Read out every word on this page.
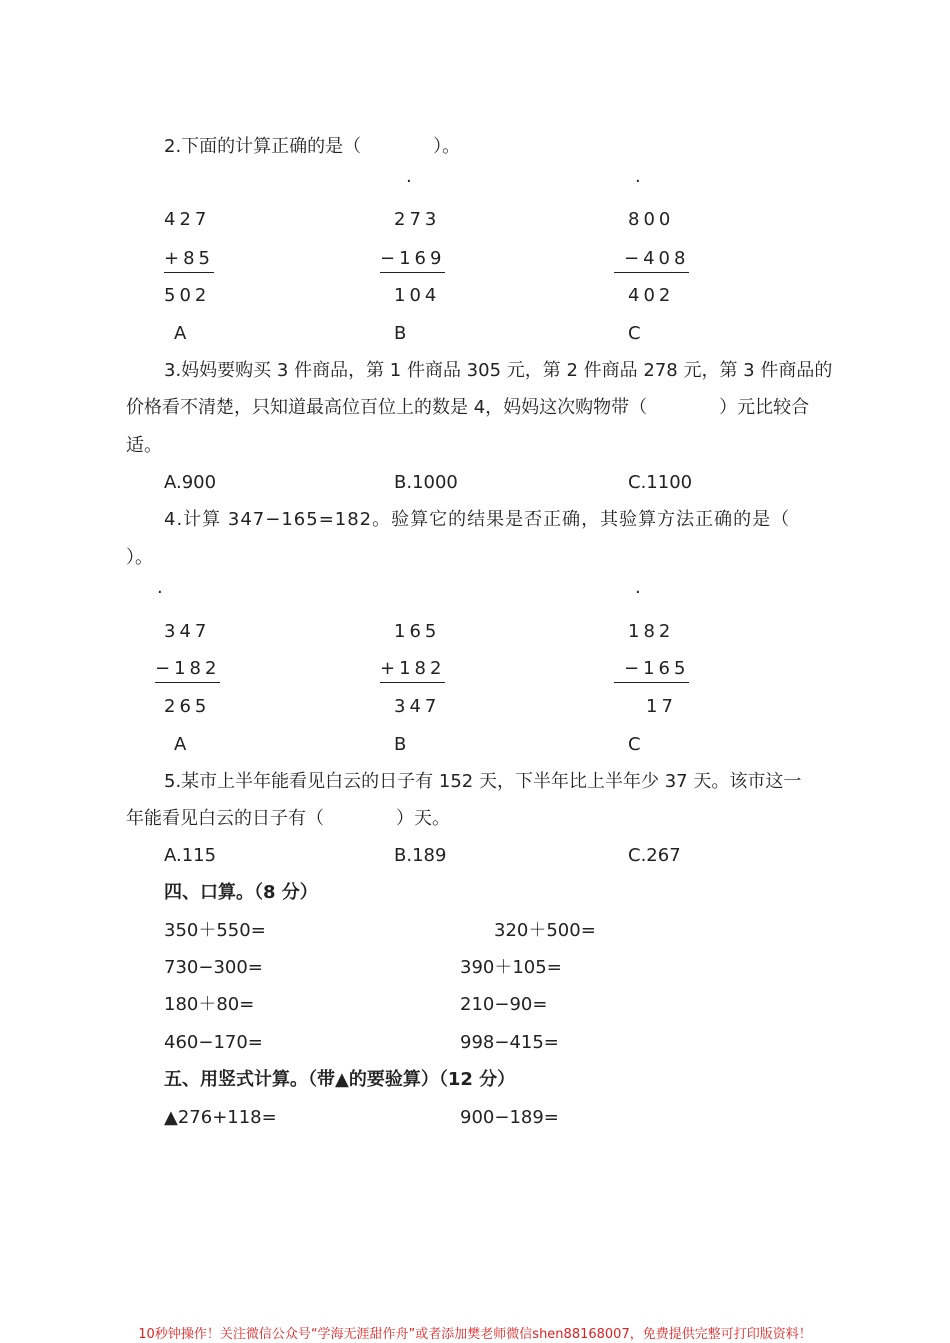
2.下面的计算正确的是（　　　　）。
·	·
427	273	800
+85	−169	−408
502	104	402
A	B	C
3.妈妈要购买 3 件商品，第 1 件商品 305 元，第 2 件商品 278 元，第 3 件商品的
价格看不清楚，只知道最高位百位上的数是 4，妈妈这次购物带（　　　　）元比较合
适。
A.900	B.1000	C.1100
4.计算 347−165=182。验算它的结果是否正确，其验算方法正确的是（
）。
·	·
347	165	182
−182	+182	−165
265	347	17
A	B	C
5.某市上半年能看见白云的日子有 152 天，下半年比上半年少 37 天。该市这一
年能看见白云的日子有（　　　　）天。
A.115	B.189	C.267
四、口算。（8 分）
350＋550=	320＋500=
730−300=	390＋105=
180＋80=	210−90=
460−170=	998−415=
五、用竖式计算。（带▲的要验算）（12 分）
▲276+118=	900−189=
10秒钟操作！关注微信公众号“学海无涯甜作舟”或者添加樊老师微信shen88168007，免费提供完整可打印版资料！
